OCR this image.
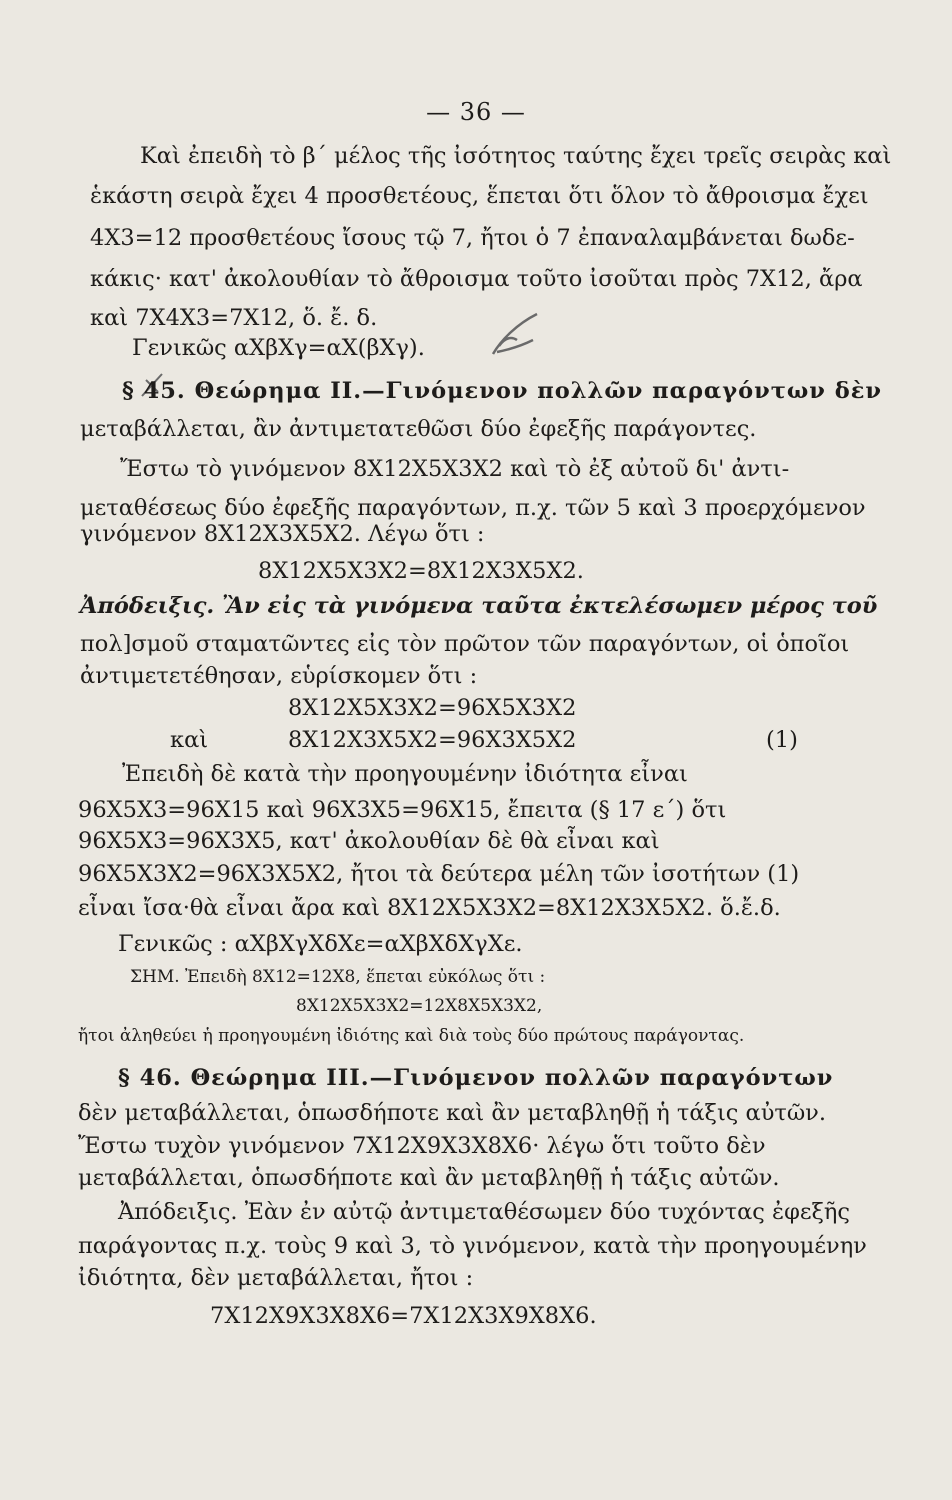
— 36 —
Καὶ ἐπειδὴ τὸ β΄ μέλος τῆς ἰσότητος ταύτης ἔχει τρεῖς σειρὰς καὶ
ἑκάστη σειρὰ ἔχει 4 προσθετέους, ἕπεται ὅτι ὅλον τὸ ἄθροισμα ἔχει
4X3=12 προσθετέους ἴσους τῷ 7, ἤτοι ὁ 7 ἐπαναλαμβάνεται δωδε-
κάκις· κατ' ἀκολουθίαν τὸ ἄθροισμα τοῦτο ἰσοῦται πρὸς 7X12, ἄρα
καὶ 7X4X3=7X12, ὅ. ἔ. δ.
Γενικῶς αXβXγ=αX(βXγ).
§ 45. Θεώρημα ΙΙ.—Γινόμενον πολλῶν παραγόντων δὲν
μεταβάλλεται, ἂν ἀντιμετατεθῶσι δύο ἐφεξῆς παράγοντες.
Ἔστω τὸ γινόμενον 8X12X5X3X2 καὶ τὸ ἐξ αὐτοῦ δι' ἀντι-
μεταθέσεως δύο ἐφεξῆς παραγόντων, π.χ. τῶν 5 καὶ 3 προερχόμενον
γινόμενον 8X12X3X5X2. Λέγω ὅτι :
8X12X5X3X2=8X12X3X5X2.
Ἀπόδειξις. Ἂν εἰς τὰ γινόμενα ταῦτα ἐκτελέσωμεν μέρος τοῦ
πολ]σμοῦ σταματῶντες εἰς τὸν πρῶτον τῶν παραγόντων, οἱ ὁποῖοι
ἀντιμετετέθησαν, εὑρίσκομεν ὅτι :
8X12X5X3X2=96X5X3X2
καὶ	8X12X3X5X2=96X3X5X2	(1)
Ἐπειδὴ δὲ κατὰ τὴν προηγουμένην ἰδιότητα εἶναι
96X5X3=96X15 καὶ 96X3X5=96X15, ἔπειτα (§ 17 ε΄) ὅτι
96X5X3=96X3X5, κατ' ἀκολουθίαν δὲ θὰ εἶναι καὶ
96X5X3X2=96X3X5X2, ἤτοι τὰ δεύτερα μέλη τῶν ἰσοτήτων (1)
εἶναι ἴσα·θὰ εἶναι ἄρα καὶ 8X12X5X3X2=8X12X3X5X2. ὅ.ἔ.δ.
Γενικῶς : αXβXγXδXε=αXβXδXγXε.
ΣΗΜ. Ἐπειδὴ 8X12=12X8, ἕπεται εὐκόλως ὅτι :
8X12X5X3X2=12X8X5X3X2,
ἤτοι ἀληθεύει ἡ προηγουμένη ἰδιότης καὶ διὰ τοὺς δύο πρώτους παράγοντας.
§ 46. Θεώρημα ΙΙΙ.—Γινόμενον πολλῶν παραγόντων
δὲν μεταβάλλεται, ὁπωσδήποτε καὶ ἂν μεταβληθῇ ἡ τάξις αὐτῶν.
Ἔστω τυχὸν γινόμενον 7X12X9X3X8X6· λέγω ὅτι τοῦτο δὲν
μεταβάλλεται, ὁπωσδήποτε καὶ ἂν μεταβληθῇ ἡ τάξις αὐτῶν.
Ἀπόδειξις. Ἐὰν ἐν αὐτῷ ἀντιμεταθέσωμεν δύο τυχόντας ἐφεξῆς
παράγοντας π.χ. τοὺς 9 καὶ 3, τὸ γινόμενον, κατὰ τὴν προηγουμένην
ἰδιότητα, δὲν μεταβάλλεται, ἤτοι :
7X12X9X3X8X6=7X12X3X9X8X6.
